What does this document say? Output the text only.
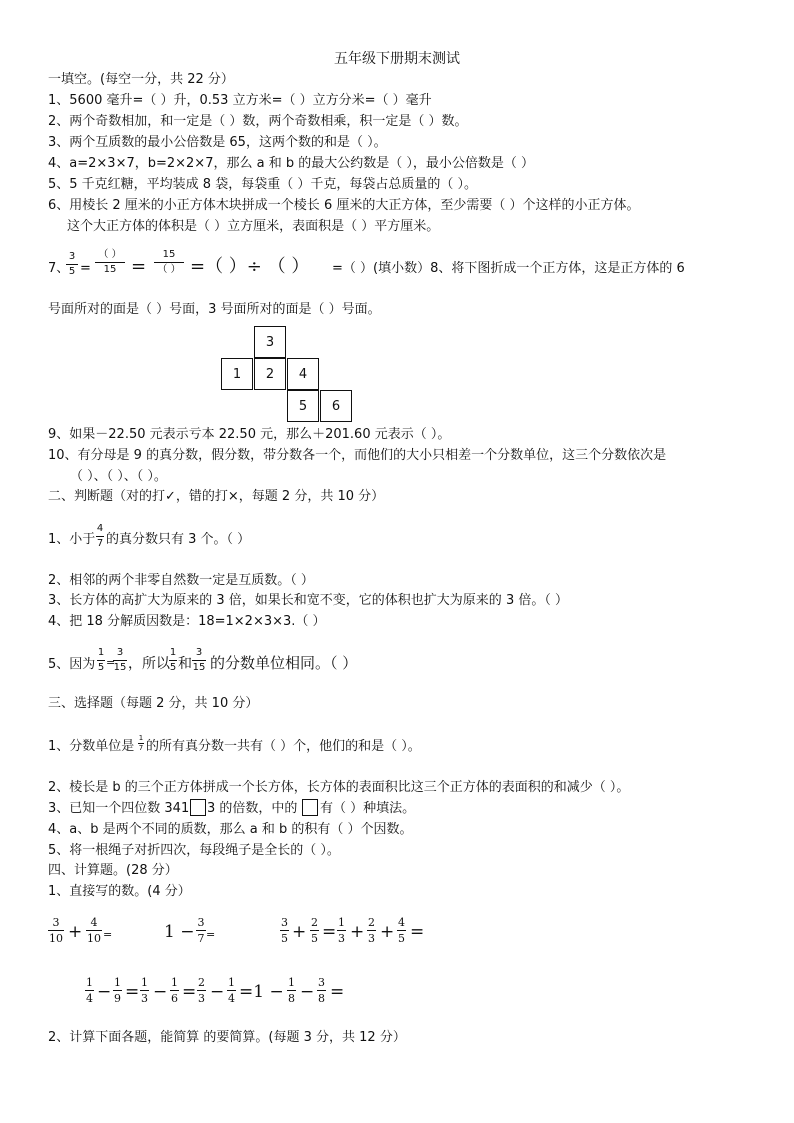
五年级下册期末测试
一填空。(每空一分，共 22 分）
1、5600 毫升=（ ）升，0.53 立方米=（ ）立方分米=（ ）毫升
2、两个奇数相加，和一定是（ ）数，两个奇数相乘，积一定是（ ）数。
3、两个互质数的最小公倍数是 65，这两个数的和是（ ）。
4、a=2×3×7，b=2×2×7，那么 a 和 b 的最大公约数是（ ），最小公倍数是（ ）
5、5 千克红糖，平均装成 8 袋，每袋重（ ）千克，每袋占总质量的（ ）。
6、用棱长 2 厘米的小正方体木块拼成一个棱长 6 厘米的大正方体，至少需要（ ）个这样的小正方体。
这个大正方体的体积是（ ）立方厘米，表面积是（ ）平方厘米。
7、
3
5 =
（ ）
15 =
15
（ ） =（ ）÷ （ ） =（ ）(填小数）8、将下图折成一个正方体，这是正方体的 6
号面所对的面是（ ）号面，3 号面所对的面是（ ）号面。
3
1	2	4
5	6
9、如果－22.50 元表示亏本 22.50 元，那么＋201.60 元表示（ ）。
10、有分母是 9 的真分数，假分数，带分数各一个，而他们的大小只相差一个分数单位，这三个分数依次是
（ ）、（ ）、（ ）。
二、判断题（对的打✓，错的打×，每题 2 分，共 10 分）
1、小于
4
7 的真分数只有 3 个。（ ）
2、相邻的两个非零自然数一定是互质数。（ ）
3、长方体的高扩大为原来的 3 倍，如果长和宽不变，它的体积也扩大为原来的 3 倍。（ ）
4、把 18 分解质因数是：18=1×2×3×3.（ ）
5、因为
1
5 =
3
15 ，所以
1
5 和
3
15 的分数单位相同。（ ）
三、选择题（每题 2 分，共 10 分）
1、分数单位是
1
7 的所有真分数一共有（ ）个，他们的和是（ ）。
2、棱长是 b 的三个正方体拼成一个长方体，长方体的表面积比这三个正方体的表面积的和减少（ ）。
3、已知一个四位数 341 3 的倍数，中的 有（ ）种填法。
4、a、b 是两个不同的质数，那么 a 和 b 的积有（ ）个因数。
5、将一根绳子对折四次，每段绳子是全长的（ ）。
四、计算题。(28 分）
1、直接写的数。(4 分）
3
10 + 4
10 =	1 − 3
7 =
3
5 + 2
5 = 1
3 + 2
3 + 4
5 =
1
4 − 1
9 = 1
3 − 1
6 = 2
3 − 1
4 =1 − 1
8 − 3
8 =
2、计算下面各题，能简算 的要简算。(每题 3 分，共 12 分）
